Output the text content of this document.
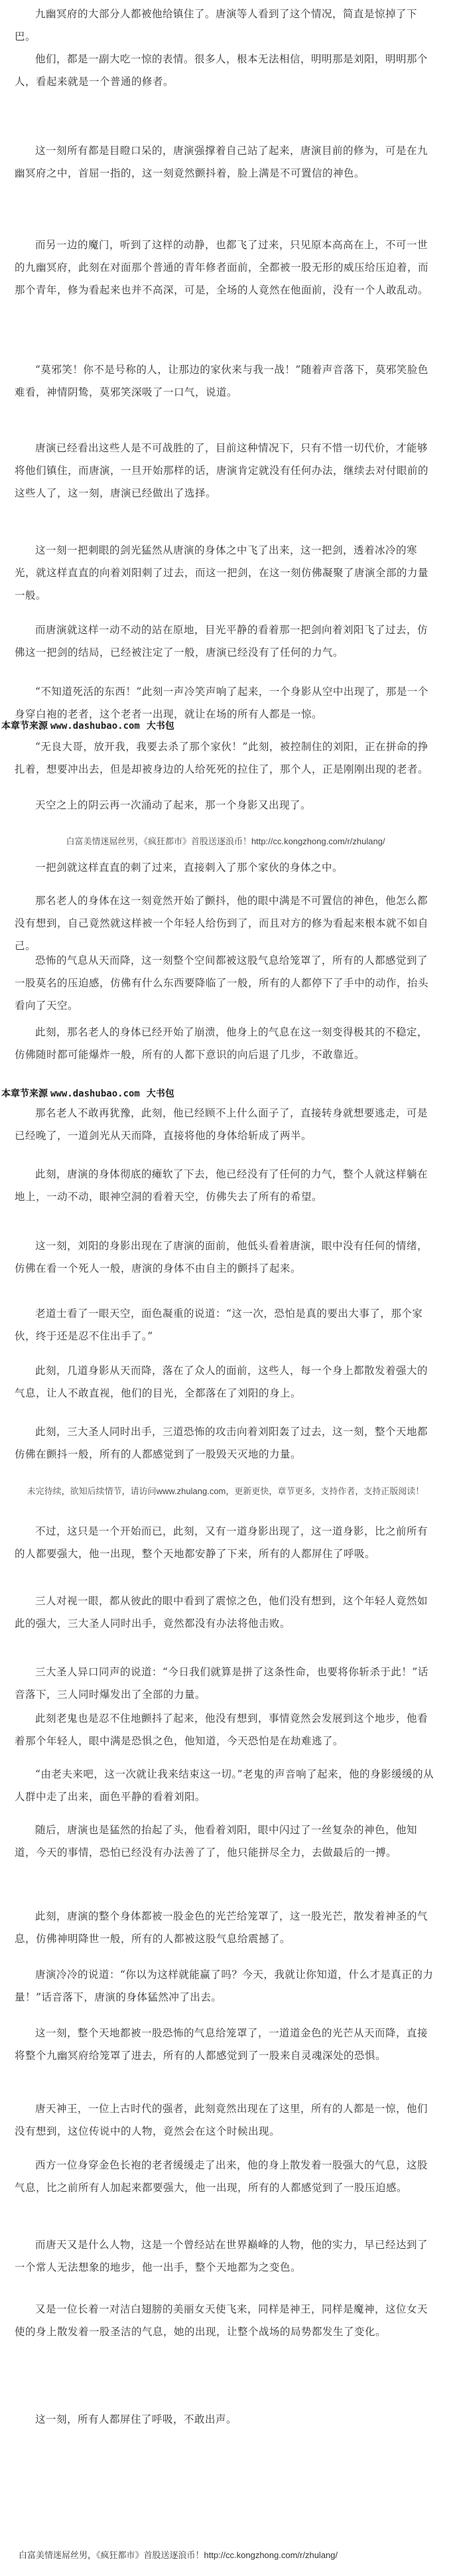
九幽冥府的大部分人都被他给镇住了。唐演等人看到了这个情况，简直是惊掉了下巴。

他们，都是一副大吃一惊的表情。很多人，根本无法相信，明明那是刘阳，明明那个人，看起来就是一个普通的修者。

这一刻所有都是目瞪口呆的，唐演强撑着自己站了起来，唐演目前的修为，可是在九幽冥府之中，首屈一指的，这一刻竟然颤抖着，脸上满是不可置信的神色。

而另一边的魔门，听到了这样的动静，也都飞了过来，只见原本高高在上，不可一世的九幽冥府，此刻在对面那个普通的青年修者面前，全都被一股无形的威压给压迫着，而那个青年，修为看起来也并不高深，可是，全场的人竟然在他面前，没有一个人敢乱动。

“莫邪笑！你不是号称的人，让那边的家伙来与我一战！”随着声音落下，莫邪笑脸色难看，神情阴鸷，莫邪笑深吸了一口气，说道。

唐演已经看出这些人是不可战胜的了，目前这种情况下，只有不惜一切代价，才能够将他们镇住，而唐演，一旦开始那样的话，唐演肯定就没有任何办法，继续去对付眼前的这些人了，这一刻，唐演已经做出了选择。

这一刻一把刺眼的剑光猛然从唐演的身体之中飞了出来，这一把剑，透着冰冷的寒光，就这样直直的向着刘阳刺了过去，而这一把剑，在这一刻仿佛凝聚了唐演全部的力量一般。

而唐演就这样一动不动的站在原地，目光平静的看着那一把剑向着刘阳飞了过去，仿佛这一把剑的结局，已经被注定了一般，唐演已经没有了任何的力气。

“不知道死活的东西！”此刻一声冷笑声响了起来，一个身影从空中出现了，那是一个身穿白袍的老者，这个老者一出现，就让在场的所有人都是一惊。

本章节来源 www.dashubao.com 大书包

“无良大哥，放开我，我要去杀了那个家伙！”此刻，被控制住的刘阳，正在拼命的挣扎着，想要冲出去，但是却被身边的人给死死的拉住了，那个人，正是刚刚出现的老者。

天空之上的阴云再一次涌动了起来，那一个身影又出现了。

白富美情迷屌丝男，《疯狂都市》首股送逐浪币！http://cc.kongzhong.com/r/zhulang/

一把剑就这样直直的刺了过来，直接刺入了那个家伙的身体之中。

那名老人的身体在这一刻竟然开始了颤抖，他的眼中满是不可置信的神色，他怎么都没有想到，自己竟然就这样被一个年轻人给伤到了，而且对方的修为看起来根本就不如自己。

恐怖的气息从天而降，这一刻整个空间都被这股气息给笼罩了，所有的人都感觉到了一股莫名的压迫感，仿佛有什么东西要降临了一般，所有的人都停下了手中的动作，抬头看向了天空。

此刻，那名老人的身体已经开始了崩溃，他身上的气息在这一刻变得极其的不稳定，仿佛随时都可能爆炸一般，所有的人都下意识的向后退了几步，不敢靠近。

本章节来源 www.dashubao.com 大书包

那名老人不敢再犹豫，此刻，他已经顾不上什么面子了，直接转身就想要逃走，可是已经晚了，一道剑光从天而降，直接将他的身体给斩成了两半。

此刻，唐演的身体彻底的瘫软了下去，他已经没有了任何的力气，整个人就这样躺在地上，一动不动，眼神空洞的看着天空，仿佛失去了所有的希望。

这一刻，刘阳的身影出现在了唐演的面前，他低头看着唐演，眼中没有任何的情绪，仿佛在看一个死人一般，唐演的身体不由自主的颤抖了起来。

老道士看了一眼天空，面色凝重的说道：“这一次，恐怕是真的要出大事了，那个家伙，终于还是忍不住出手了。”

此刻，几道身影从天而降，落在了众人的面前，这些人，每一个身上都散发着强大的气息，让人不敢直视，他们的目光，全都落在了刘阳的身上。

此刻，三大圣人同时出手，三道恐怖的攻击向着刘阳轰了过去，这一刻，整个天地都仿佛在颤抖一般，所有的人都感觉到了一股毁天灭地的力量。

未完待续，欲知后续情节，请访问www.zhulang.com，更新更快，章节更多，支持作者，支持正版阅读！

不过，这只是一个开始而已，此刻，又有一道身影出现了，这一道身影，比之前所有的人都要强大，他一出现，整个天地都安静了下来，所有的人都屏住了呼吸。

三人对视一眼，都从彼此的眼中看到了震惊之色，他们没有想到，这个年轻人竟然如此的强大，三大圣人同时出手，竟然都没有办法将他击败。

三大圣人异口同声的说道：“今日我们就算是拼了这条性命，也要将你斩杀于此！”话音落下，三人同时爆发出了全部的力量。

此刻老鬼也是忍不住地颤抖了起来，他没有想到，事情竟然会发展到这个地步，他看着那个年轻人，眼中满是恐惧之色，他知道，今天恐怕是在劫难逃了。

“由老夫来吧，这一次就让我来结束这一切。”老鬼的声音响了起来，他的身影缓缓的从人群中走了出来，面色平静的看着刘阳。

随后，唐演也是猛然的抬起了头，他看着刘阳，眼中闪过了一丝复杂的神色，他知道，今天的事情，恐怕已经没有办法善了了，他只能拼尽全力，去做最后的一搏。

此刻，唐演的整个身体都被一股金色的光芒给笼罩了，这一股光芒，散发着神圣的气息，仿佛神明降世一般，所有的人都被这股气息给震撼了。

唐演冷冷的说道：“你以为这样就能赢了吗？今天，我就让你知道，什么才是真正的力量！”话音落下，唐演的身体猛然冲了出去。

这一刻，整个天地都被一股恐怖的气息给笼罩了，一道道金色的光芒从天而降，直接将整个九幽冥府给笼罩了进去，所有的人都感觉到了一股来自灵魂深处的恐惧。

唐天神王，一位上古时代的强者，此刻竟然出现在了这里，所有的人都是一惊，他们没有想到，这位传说中的人物，竟然会在这个时候出现。

西方一位身穿金色长袍的老者缓缓走了出来，他的身上散发着一股强大的气息，这股气息，比之前所有人加起来都要强大，他一出现，所有的人都感觉到了一股压迫感。

而唐天又是什么人物，这是一个曾经站在世界巅峰的人物，他的实力，早已经达到了一个常人无法想象的地步，他一出手，整个天地都为之变色。

又是一位长着一对洁白翅膀的美丽女天使飞来，同样是神王，同样是魔神，这位女天使的身上散发着一股圣洁的气息，她的出现，让整个战场的局势都发生了变化。

这一刻，所有人都屏住了呼吸，不敢出声。

白富美情迷屌丝男，《疯狂都市》首股送逐浪币！http://cc.kongzhong.com/r/zhulang/
